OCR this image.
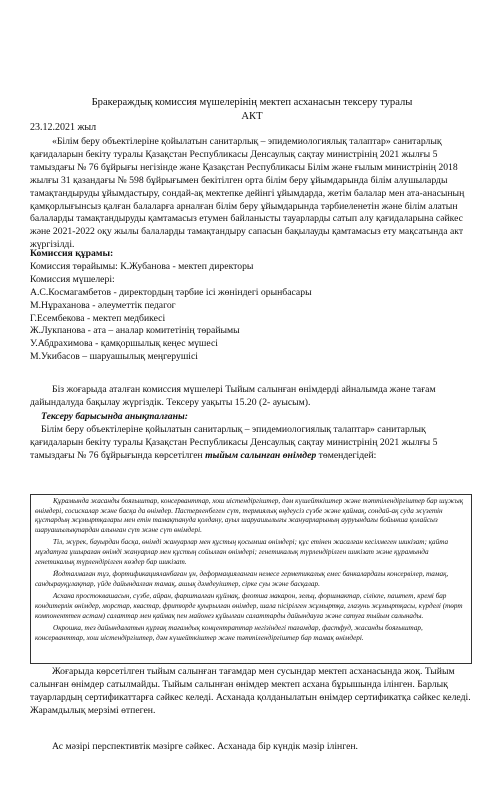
Бракераждық комиссия мүшелерінің мектеп асханасын тексеру туралы
АКТ
23.12.2021 жыл

«Білім беру объектілеріне қойылатын санитарлық – эпидемиологиялық талаптар» санитарлық қағидаларын бекіту туралы Қазақстан Республикасы Денсаулық сақтау министрінің 2021 жылғы 5 тамыздағы № 76 бұйрығы негізінде және Қазақстан Республикасы Білім және ғылым министрінің 2018 жылғы 31 қазандағы № 598 бұйрығымен бекітілген орта білім беру ұйымдарында білім алушыларды тамақтандыруды ұйымдастыру, сондай-ақ мектепке дейінгі ұйымдарда, жетім балалар мен ата-анасының қамқорлығынсыз қалған балаларға арналған білім беру ұйымдарында тәрбиеленетін және білім алатын балаларды тамақтандыруды қамтамасыз етумен байланысты тауарларды сатып алу қағидаларына сәйкес және 2021-2022 оқу жылы балаларды тамақтандыру сапасын бақылауды қамтамасыз ету мақсатында акт жүргізілді.

Комиссия құрамы:
Комиссия төрайымы: К.Жубанова - мектеп директоры
Комиссия мүшелері:
А.С.Космагамбетов - директордың тәрбие ісі жөніндегі орынбасары
М.Нұраханова - әлеуметтік педагог
Г.Есембекова - мектеп медбикесі
Ж.Лукпанова - ата – аналар комитетінің төрайымы
У.Абдрахимова - қамқоршылық кеңес мүшесі
М.Укибасов – шаруашылық меңгерушісі

Біз жоғарыда аталған комиссия мүшелері Тыйым салынған өнімдерді айналымда және тағам дайындалуда бақылау жүргіздік. Тексеру уақыты 15.20 (2- ауысым).

Тексеру барысында анықталғаны:

Білім беру объектілеріне қойылатын санитарлық – эпидемиологиялық талаптар» санитарлық қағидаларын бекіту туралы Қазақстан Республикасы Денсаулық сақтау министрінің 2021 жылғы 5 тамыздағы № 76 бұйрығында көрсетілген тыйым салынған өнімдер төмендегідей:

Құрамында жасанды бояғыштар, консерванттар, хош иістендіргіштер, дәм күшейткіштер және тәттілендіргіштер бар шұжық өнімдері, сосискалар және басқа да өнімдер. Пастерленбеген сүт, термиялық өңдеусіз сүзбе және қаймақ, сондай-ақ суда жүзетін құстардың жұмыртқалары мен етін тамақтануда қолдану, ауыл шаруашылығы жануарларының ауруындағы бойынша қолайсыз шаруашылықтардан алынған сүт және сүт өнімдері.

Тіл, жүрек, бауырдан басқа, өнімді жануарлар мен құстың қосымша өнімдері; құс етінен жасалған кесілмеген шикізат; қайта мұздатуға ұшыраған өнімді жануарлар мен құстың сойылған өнімдері; генетикалық түрлендірілген шикізат және құрамында генетикалық түрлендірілген көздер бар шикізат.

Йодталмаған тұз, фортификацияланбаған ұн, деформацияланған немесе герметикалық емес банкалардағы консервілер, тамақ, сандырауқұлақтар, үйде дайындалған тамақ, ашық дәмдеуіштер, сірке суы және басқалар.

Асхана простоквашасын, сүзбе, айран, фаршталған құймақ, флотша макарон, зельц, форшмактар, сілікпе, паштет, кремі бар кондитерлік өнімдер, морстар, квастар, фритюрде қуырылған өнімдер, шала пісірілген жұмыртқа, глазунь жұмыртқасы, күрделі (төрт компоненттен астам) салаттар мен қаймақ пен майонез құйылған салаттарды дайындауға және сатуға тыйым салынады.

Окрошка, тез дайындалатын құрғақ тағамдық концентраттар негізіндегі тағамдар, фастфуд, жасанды бояғыштар, консерванттар, хош иістендіргіштер, дәм күшейткіштер және тәттілендіргіштер бар тамақ өнімдері.

Жоғарыда көрсетілген тыйым салынған тағамдар мен сусындар мектеп асханасында жоқ. Тыйым салынған өнімдер сатылмайды. Тыйым салынған өнімдер мектеп асхана бұрышында ілінген. Барлық тауарлардың сертификаттарға сәйкес келеді. Асханада қолданылатын өнімдер сертификатқа сәйкес келеді. Жарамдылық мерзімі өтпеген.

Ас мәзірі перспективтік мәзірге сәйкес. Асханада бір күндік мәзір ілінген.
